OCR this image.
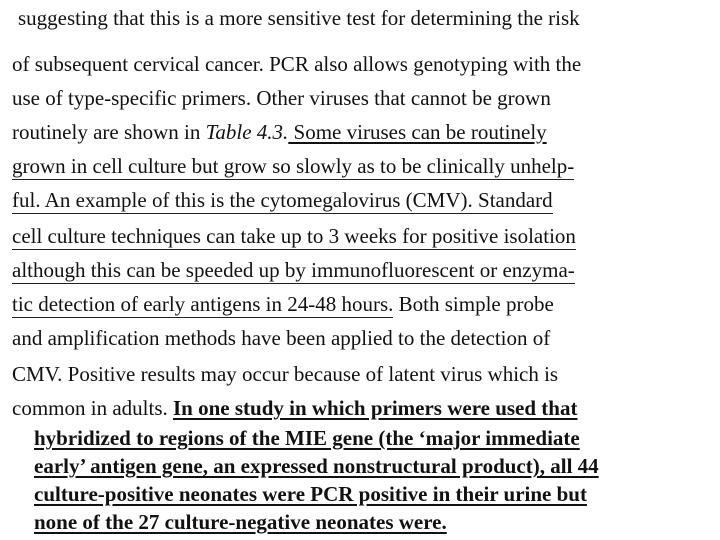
suggesting that this is a more sensitive test for determining the risk
of subsequent cervical cancer. PCR also allows genotyping with the
use of type-specific primers. Other viruses that cannot be grown
routinely are shown in Table 4.3. Some viruses can be routinely
grown in cell culture but grow so slowly as to be clinically unhelp-
ful. An example of this is the cytomegalovirus (CMV). Standard
cell culture techniques can take up to 3 weeks for positive isolation
although this can be speeded up by immunofluorescent or enzyma-
tic detection of early antigens in 24-48 hours. Both simple probe
and amplification methods have been applied to the detection of
CMV. Positive results may occur because of latent virus which is
common in adults. In one study in which primers were used that
hybridized to regions of the MIE gene (the ‘major immediate
early’ antigen gene, an expressed nonstructural product), all 44
culture-positive neonates were PCR positive in their urine but
none of the 27 culture-negative neonates were.
